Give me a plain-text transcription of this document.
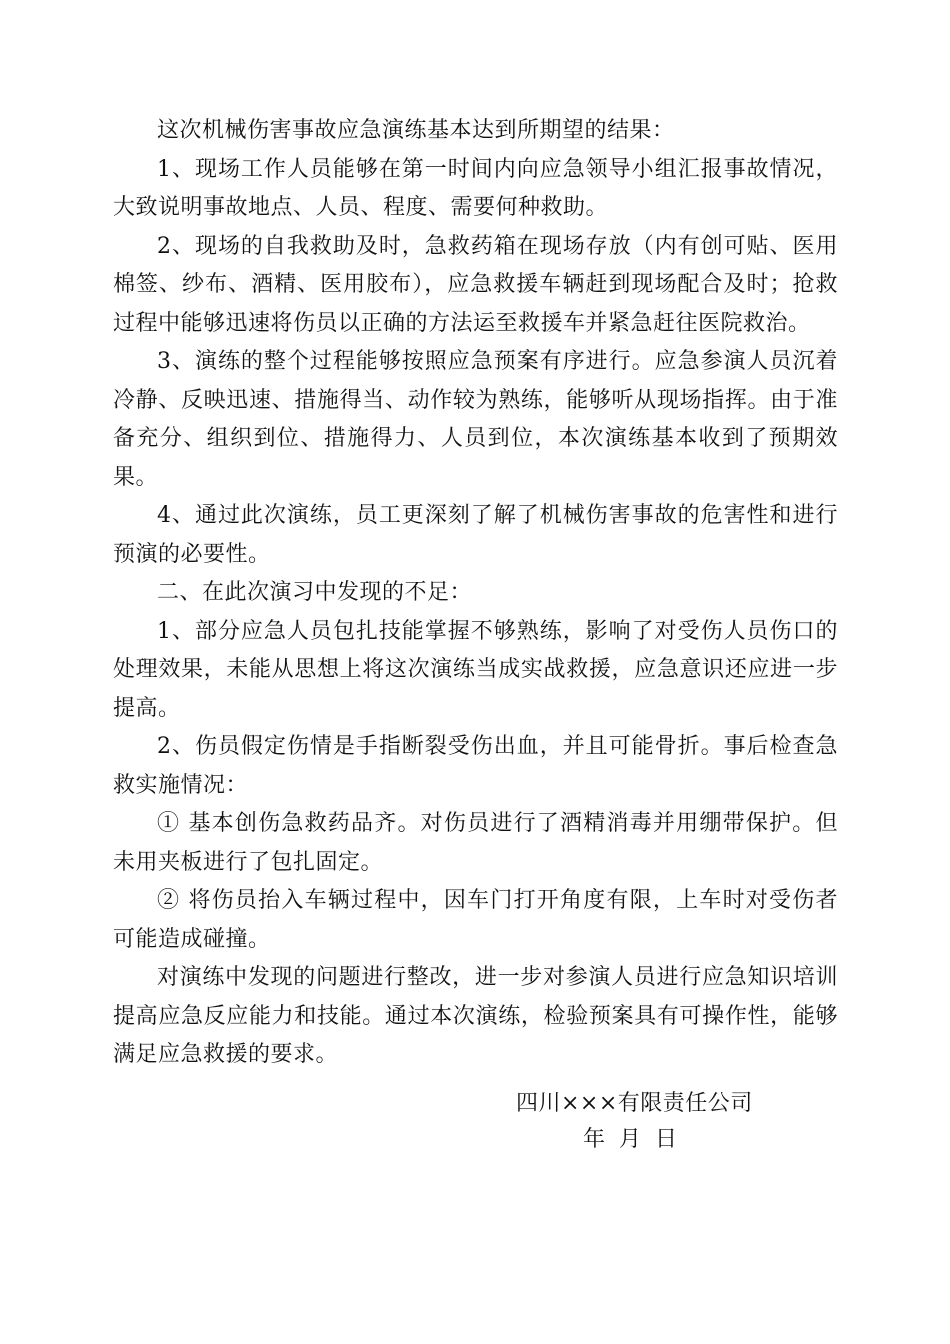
这次机械伤害事故应急演练基本达到所期望的结果：

1、现场工作人员能够在第一时间内向应急领导小组汇报事故情况，大致说明事故地点、人员、程度、需要何种救助。

2、现场的自我救助及时，急救药箱在现场存放（内有创可贴、医用棉签、纱布、酒精、医用胶布），应急救援车辆赶到现场配合及时；抢救过程中能够迅速将伤员以正确的方法运至救援车并紧急赶往医院救治。

3、演练的整个过程能够按照应急预案有序进行。应急参演人员沉着冷静、反映迅速、措施得当、动作较为熟练，能够听从现场指挥。由于准备充分、组织到位、措施得力、人员到位，本次演练基本收到了预期效果。

4、通过此次演练，员工更深刻了解了机械伤害事故的危害性和进行预演的必要性。

二、在此次演习中发现的不足：

1、部分应急人员包扎技能掌握不够熟练，影响了对受伤人员伤口的处理效果，未能从思想上将这次演练当成实战救援，应急意识还应进一步提高。

2、伤员假定伤情是手指断裂受伤出血，并且可能骨折。事后检查急救实施情况：

① 基本创伤急救药品齐。对伤员进行了酒精消毒并用绷带保护。但未用夹板进行了包扎固定。

② 将伤员抬入车辆过程中，因车门打开角度有限，上车时对受伤者可能造成碰撞。

对演练中发现的问题进行整改，进一步对参演人员进行应急知识培训提高应急反应能力和技能。通过本次演练，检验预案具有可操作性，能够满足应急救援的要求。

四川×××有限责任公司
年  月  日
